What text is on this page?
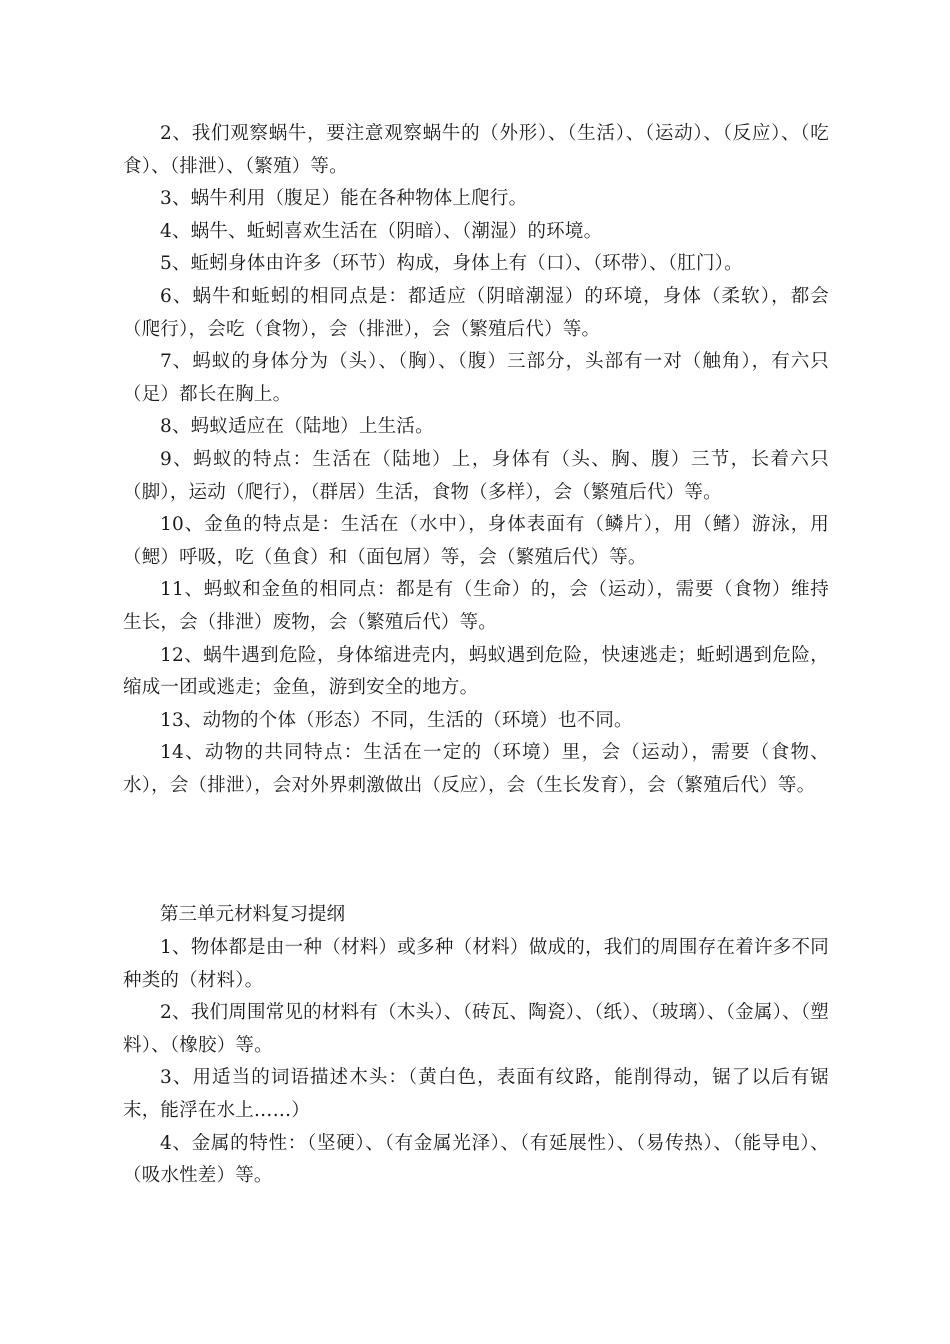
2、我们观察蜗牛，要注意观察蜗牛的（外形）、（生活）、（运动）、（反应）、（吃食）、（排泄）、（繁殖）等。

3、蜗牛利用（腹足）能在各种物体上爬行。

4、蜗牛、蚯蚓喜欢生活在（阴暗）、（潮湿）的环境。

5、蚯蚓身体由许多（环节）构成，身体上有（口）、（环带）、（肛门）。

6、蜗牛和蚯蚓的相同点是：都适应（阴暗潮湿）的环境，身体（柔软），都会（爬行），会吃（食物），会（排泄），会（繁殖后代）等。

7、蚂蚁的身体分为（头）、（胸）、（腹）三部分，头部有一对（触角），有六只（足）都长在胸上。

8、蚂蚁适应在（陆地）上生活。

9、蚂蚁的特点：生活在（陆地）上，身体有（头、胸、腹）三节，长着六只（脚），运动（爬行），（群居）生活，食物（多样），会（繁殖后代）等。

10、金鱼的特点是：生活在（水中），身体表面有（鳞片），用（鳍）游泳，用（鳃）呼吸，吃（鱼食）和（面包屑）等，会（繁殖后代）等。

11、蚂蚁和金鱼的相同点：都是有（生命）的，会（运动），需要（食物）维持生长，会（排泄）废物，会（繁殖后代）等。

12、蜗牛遇到危险，身体缩进壳内，蚂蚁遇到危险，快速逃走；蚯蚓遇到危险，缩成一团或逃走；金鱼，游到安全的地方。

13、动物的个体（形态）不同，生活的（环境）也不同。

14、动物的共同特点：生活在一定的（环境）里，会（运动），需要（食物、水），会（排泄），会对外界刺激做出（反应），会（生长发育），会（繁殖后代）等。

第三单元材料复习提纲

1、物体都是由一种（材料）或多种（材料）做成的，我们的周围存在着许多不同种类的（材料）。

2、我们周围常见的材料有（木头）、（砖瓦、陶瓷）、（纸）、（玻璃）、（金属）、（塑料）、（橡胶）等。

3、用适当的词语描述木头：（黄白色，表面有纹路，能削得动，锯了以后有锯末，能浮在水上……）

4、金属的特性：（坚硬）、（有金属光泽）、（有延展性）、（易传热）、（能导电）、（吸水性差）等。
